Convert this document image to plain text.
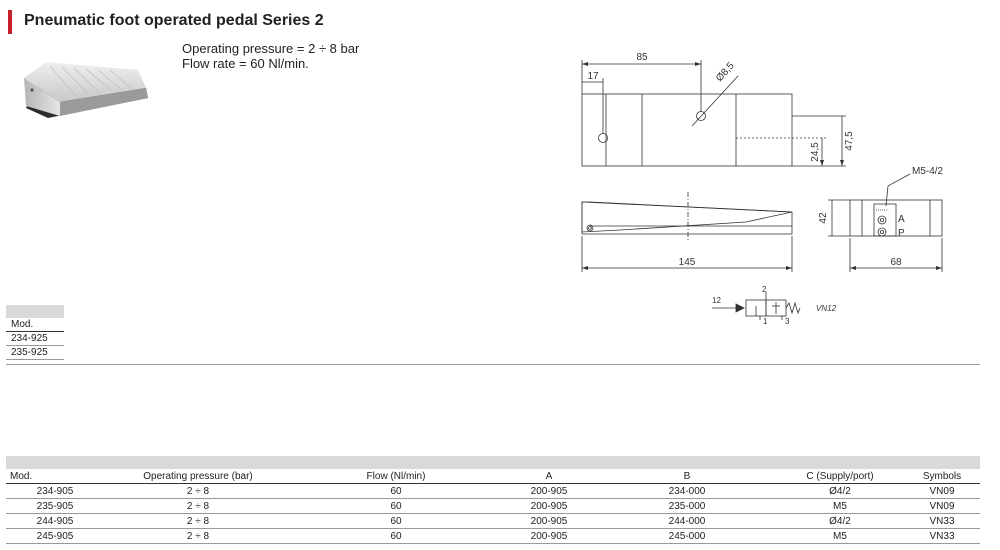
Pneumatic foot operated pedal Series 2
Operating pressure = 2 ÷ 8 bar
Flow rate = 60 Nl/min.	85
17	Ø8,5
24,5
47,5
145
42
68
M5-4/2
A
P
12
2
1 3
VN12
Mod.
234-925
235-925

Mod.	Operating pressure (bar)	Flow (Nl/min)	A	B	C (Supply/port)	Symbols
234-905	2 ÷ 8	60	200-905	234-000	Ø4/2	VN09
235-905	2 ÷ 8	60	200-905	235-000	M5	VN09
244-905	2 ÷ 8	60	200-905	244-000	Ø4/2	VN33
245-905	2 ÷ 8	60	200-905	245-000	M5	VN33
